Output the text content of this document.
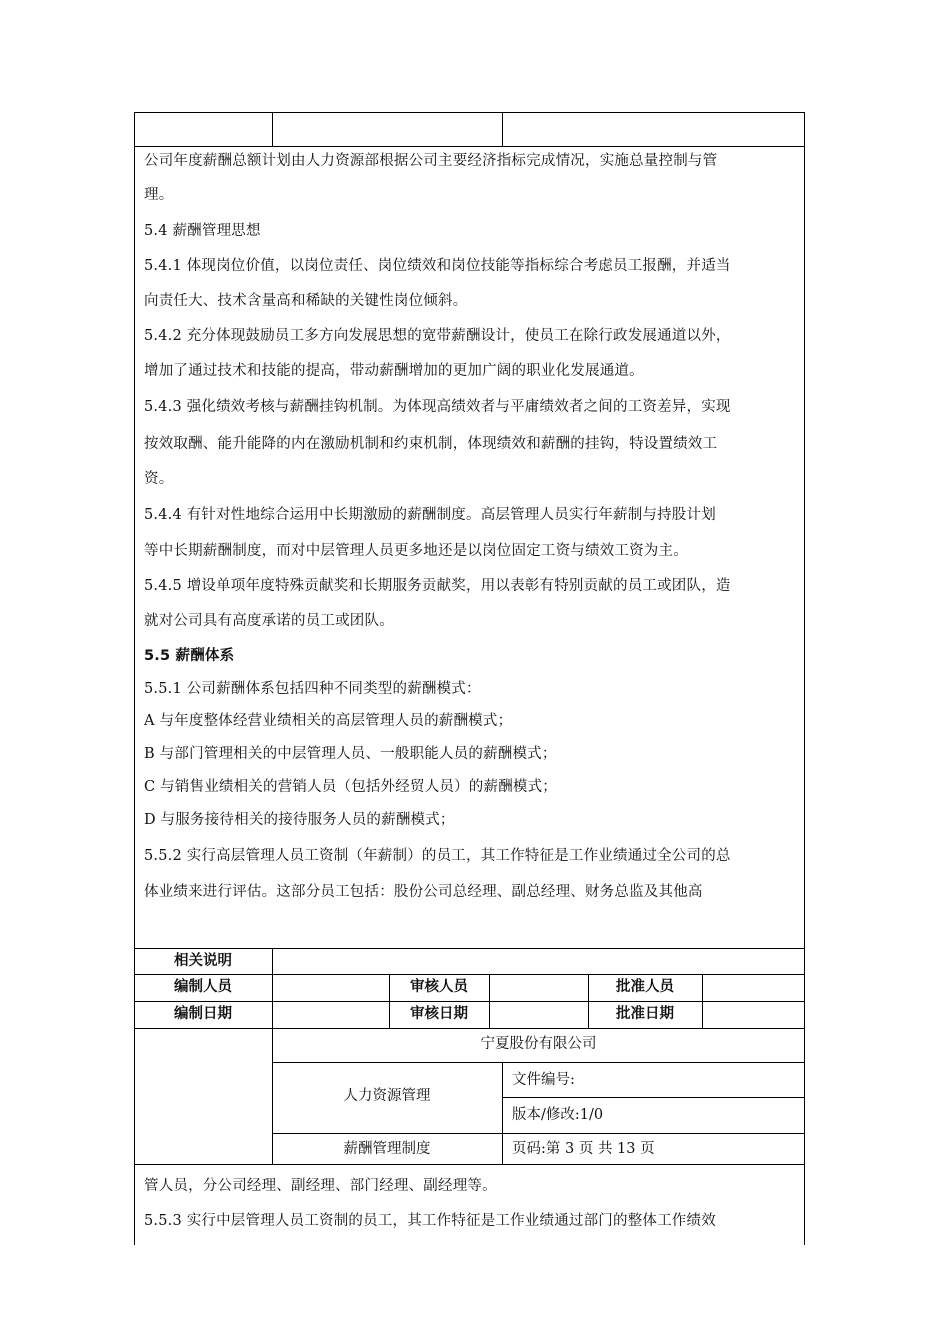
公司年度薪酬总额计划由人力资源部根据公司主要经济指标完成情况，实施总量控制与管
理。
5.4 薪酬管理思想
5.4.1 体现岗位价值，以岗位责任、岗位绩效和岗位技能等指标综合考虑员工报酬，并适当
向责任大、技术含量高和稀缺的关键性岗位倾斜。
5.4.2 充分体现鼓励员工多方向发展思想的宽带薪酬设计，使员工在除行政发展通道以外，
增加了通过技术和技能的提高，带动薪酬增加的更加广阔的职业化发展通道。
5.4.3 强化绩效考核与薪酬挂钩机制。为体现高绩效者与平庸绩效者之间的工资差异，实现
按效取酬、能升能降的内在激励机制和约束机制，体现绩效和薪酬的挂钩，特设置绩效工
资。
5.4.4 有针对性地综合运用中长期激励的薪酬制度。高层管理人员实行年薪制与持股计划
等中长期薪酬制度，而对中层管理人员更多地还是以岗位固定工资与绩效工资为主。
5.4.5 增设单项年度特殊贡献奖和长期服务贡献奖，用以表彰有特别贡献的员工或团队，造
就对公司具有高度承诺的员工或团队。
5.5 薪酬体系
5.5.1 公司薪酬体系包括四种不同类型的薪酬模式：
A 与年度整体经营业绩相关的高层管理人员的薪酬模式；
B 与部门管理相关的中层管理人员、一般职能人员的薪酬模式；
C 与销售业绩相关的营销人员（包括外经贸人员）的薪酬模式；
D 与服务接待相关的接待服务人员的薪酬模式；
5.5.2 实行高层管理人员工资制（年薪制）的员工，其工作特征是工作业绩通过全公司的总
体业绩来进行评估。这部分员工包括：股份公司总经理、副总经理、财务总监及其他高
相关说明
编制人员	审核人员	批准人员
编制日期	审核日期	批准日期
宁夏股份有限公司
人力资源管理
文件编号:
版本/修改:1/0
薪酬管理制度	页码:第 3 页 共 13 页
管人员，分公司经理、副经理、部门经理、副经理等。
5.5.3 实行中层管理人员工资制的员工，其工作特征是工作业绩通过部门的整体工作绩效
